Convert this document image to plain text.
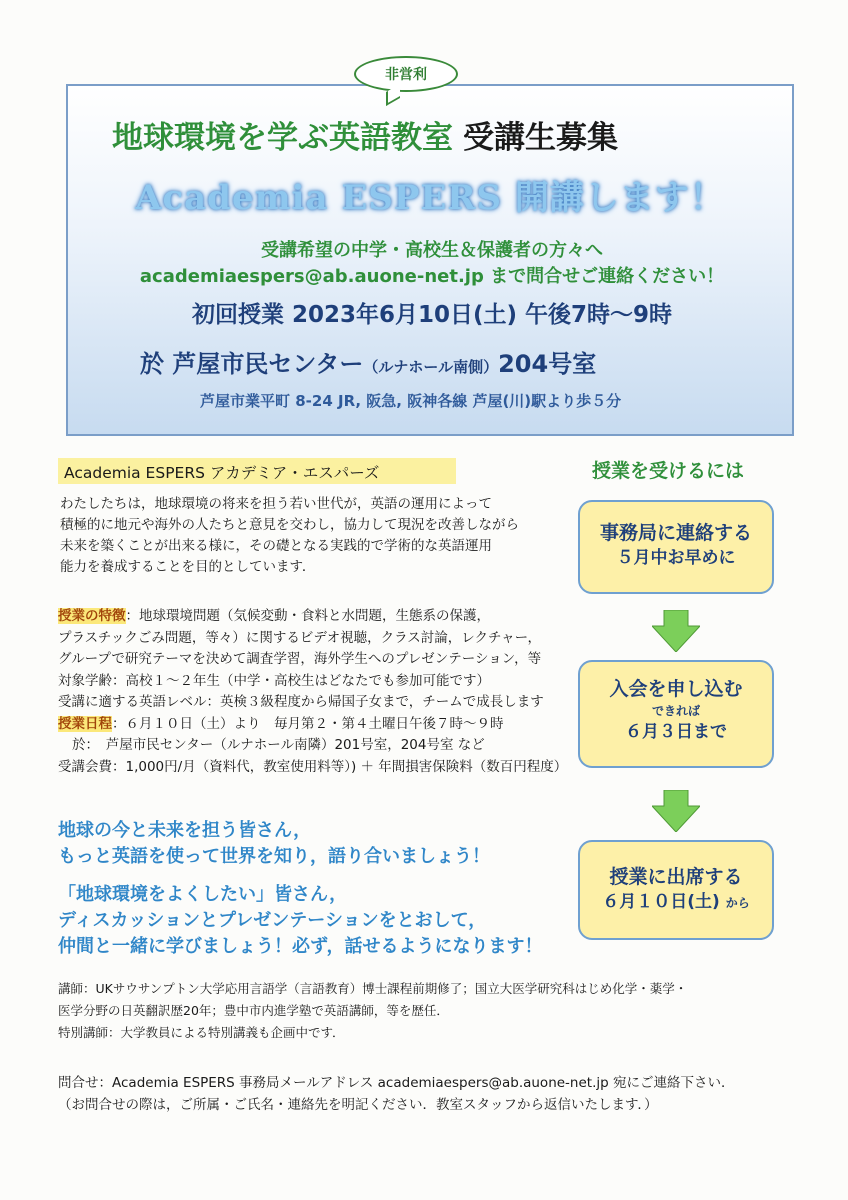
非営利
地球環境を学ぶ英語教室 受講生募集
Academia ESPERS 開講します！
受講希望の中学・高校生＆保護者の方々へ
academiaespers@ab.auone-net.jp まで問合せご連絡ください！
初回授業 2023年6月10日(土) 午後7時～9時
於 芦屋市民センター（ルナホール南側）204号室
芦屋市業平町 8-24 JR, 阪急, 阪神各線 芦屋(川)駅より歩５分
Academia ESPERS アカデミア・エスパーズ

わたしたちは，地球環境の将来を担う若い世代が，英語の運用によって

積極的に地元や海外の人たちと意見を交わし，協力して現況を改善しながら

未来を築くことが出来る様に，その礎となる実践的で学術的な英語運用

能力を養成することを目的としています．

授業の特徴：地球環境問題（気候変動・食料と水問題，生態系の保護，

プラスチックごみ問題，等々）に関するビデオ視聴，クラス討論，レクチャー，

グループで研究テーマを決めて調査学習，海外学生へのプレゼンテーション，等

対象学齢：高校１～２年生（中学・高校生はどなたでも参加可能です）

受講に適する英語レベル：英検３級程度から帰国子女まで，チームで成長します

授業日程：６月１０日（土）より　毎月第２・第４土曜日午後７時～９時

於：　芦屋市民センター（ルナホール南隣）201号室，204号室 など

受講会費：1,000円/月（資料代，教室使用料等）) ＋ 年間損害保険料（数百円程度）

地球の今と未来を担う皆さん，

もっと英語を使って世界を知り，語り合いましょう！

「地球環境をよくしたい」皆さん，

ディスカッションとプレゼンテーションをとおして，

仲間と一緒に学びましょう！必ず，話せるようになります！

講師：UKサウサンプトン大学応用言語学（言語教育）博士課程前期修了；国立大医学研究科はじめ化学・薬学・

医学分野の日英翻訳歴20年；豊中市内進学塾で英語講師，等を歴任．

特別講師：大学教員による特別講義も企画中です．

問合せ：Academia ESPERS 事務局メールアドレス academiaespers@ab.auone-net.jp 宛にご連絡下さい．

（お問合せの際は，ご所属・ご氏名・連絡先を明記ください．教室スタッフから返信いたします．）

授業を受けるには
事務局に連絡する
５月中お早めに
入会を申し込む
できれば
６月３日まで
授業に出席する
６月１０日(土) から
